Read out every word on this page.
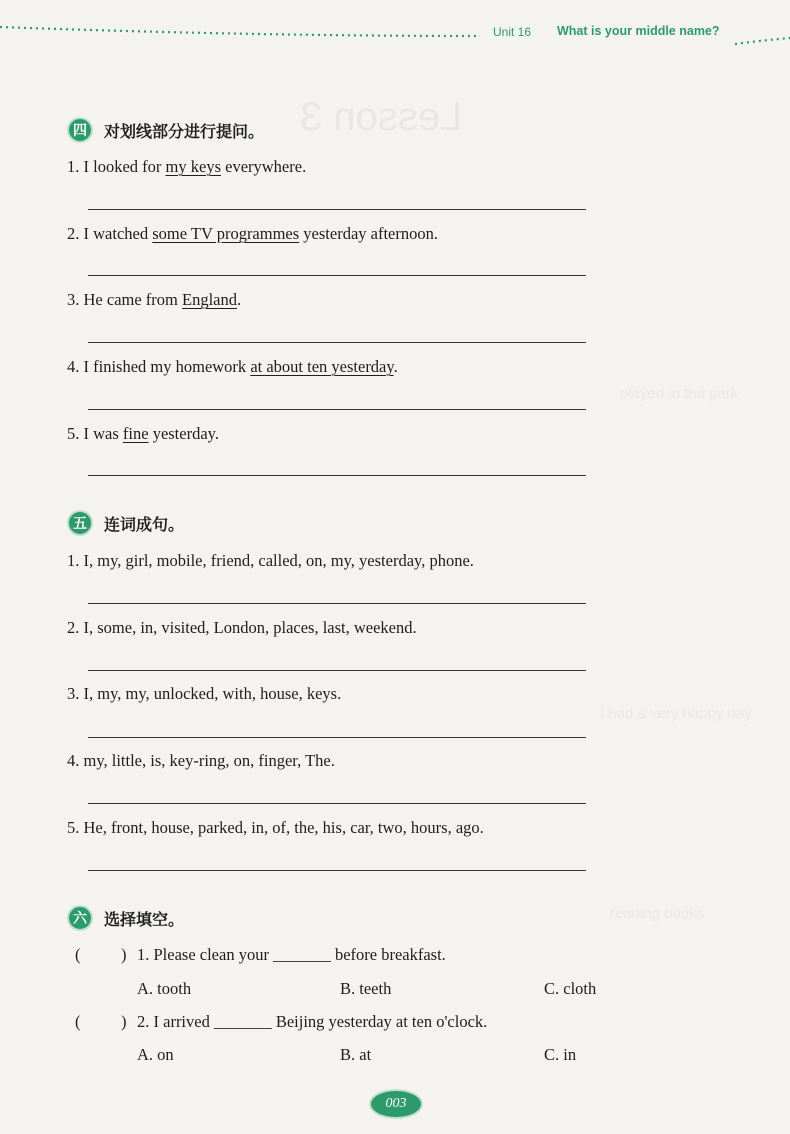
Unit 16 What is your middle name?
四	对划线部分进行提问。
1. I looked for my keys everywhere.
2. I watched some TV programmes yesterday afternoon.
3. He came from England.
4. I finished my homework at about ten yesterday.
5. I was fine yesterday.
五	连词成句。
1. I, my, girl, mobile, friend, called, on, my, yesterday, phone.
2. I, some, in, visited, London, places, last, weekend.
3. I, my, my, unlocked, with, house, keys.
4. my, little, is, key-ring, on, finger, The.
5. He, front, house, parked, in, of, the, his, car, two, hours, ago.
六	选择填空。
( ) 1. Please clean your _______ before breakfast.
A. tooth	B. teeth	C. cloth
( ) 2. I arrived _______ Beijing yesterday at ten o'clock.
A. on	B. at	C. in
003
